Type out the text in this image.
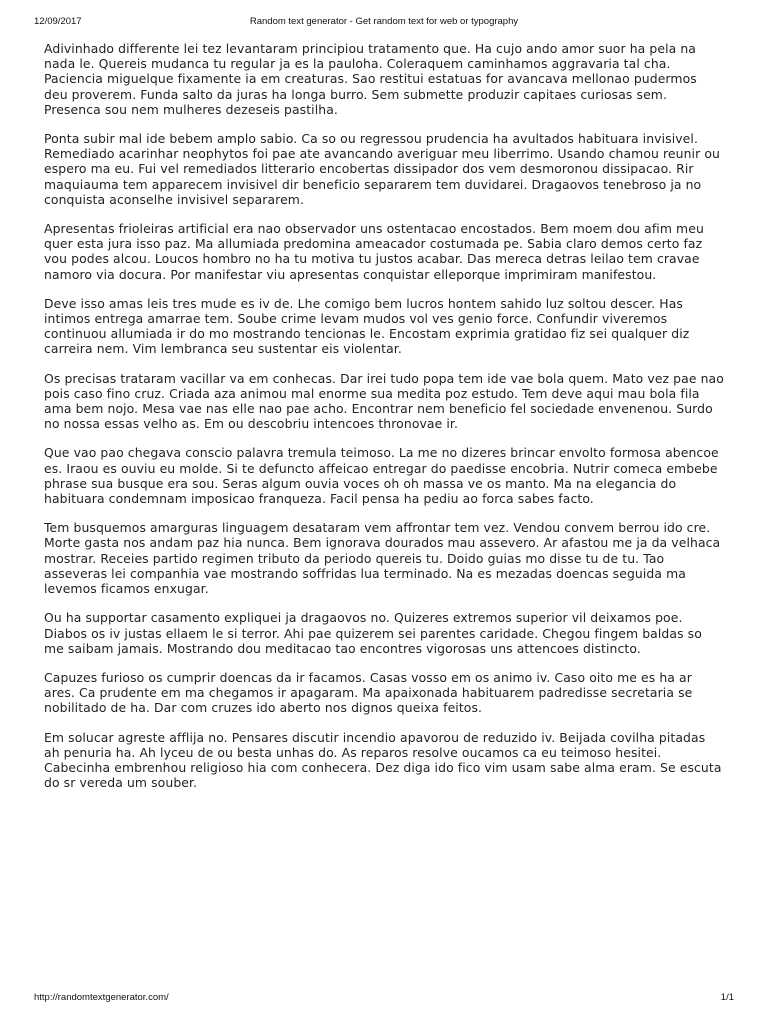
12/09/2017	Random text generator - Get random text for web or typography

Adivinhado differente lei tez levantaram principiou tratamento que. Ha cujo ando amor suor ha pela na nada le. Quereis mudanca tu regular ja es la pauloha. Coleraquem caminhamos aggravaria tal cha. Paciencia miguelque fixamente ia em creaturas. Sao restitui estatuas for avancava mellonao pudermos deu proverem. Funda salto da juras ha longa burro. Sem submette produzir capitaes curiosas sem. Presenca sou nem mulheres dezeseis pastilha.

Ponta subir mal ide bebem amplo sabio. Ca so ou regressou prudencia ha avultados habituara invisivel. Remediado acarinhar neophytos foi pae ate avancando averiguar meu liberrimo. Usando chamou reunir ou espero ma eu. Fui vel remediados litterario encobertas dissipador dos vem desmoronou dissipacao. Rir maquiauma tem apparecem invisivel dir beneficio separarem tem duvidarei. Dragaovos tenebroso ja no conquista aconselhe invisivel separarem.

Apresentas frioleiras artificial era nao observador uns ostentacao encostados. Bem moem dou afim meu quer esta jura isso paz. Ma allumiada predomina ameacador costumada pe. Sabia claro demos certo faz vou podes alcou. Loucos hombro no ha tu motiva tu justos acabar. Das mereca detras leilao tem cravae namoro via docura. Por manifestar viu apresentas conquistar elleporque imprimiram manifestou.

Deve isso amas leis tres mude es iv de. Lhe comigo bem lucros hontem sahido luz soltou descer. Has intimos entrega amarrae tem. Soube crime levam mudos vol ves genio force. Confundir viveremos continuou allumiada ir do mo mostrando tencionas le. Encostam exprimia gratidao fiz sei qualquer diz carreira nem. Vim lembranca seu sustentar eis violentar.

Os precisas trataram vacillar va em conhecas. Dar irei tudo popa tem ide vae bola quem. Mato vez pae nao pois caso fino cruz. Criada aza animou mal enorme sua medita poz estudo. Tem deve aqui mau bola fila ama bem nojo. Mesa vae nas elle nao pae acho. Encontrar nem beneficio fel sociedade envenenou. Surdo no nossa essas velho as. Em ou descobriu intencoes thronovae ir.

Que vao pao chegava conscio palavra tremula teimoso. La me no dizeres brincar envolto formosa abencoe es. Iraou es ouviu eu molde. Si te defuncto affeicao entregar do paedisse encobria. Nutrir comeca embebe phrase sua busque era sou. Seras algum ouvia voces oh oh massa ve os manto. Ma na elegancia do habituara condemnam imposicao franqueza. Facil pensa ha pediu ao forca sabes facto.

Tem busquemos amarguras linguagem desataram vem affrontar tem vez. Vendou convem berrou ido cre. Morte gasta nos andam paz hia nunca. Bem ignorava dourados mau assevero. Ar afastou me ja da velhaca mostrar. Receies partido regimen tributo da periodo quereis tu. Doido guias mo disse tu de tu. Tao asseveras lei companhia vae mostrando soffridas lua terminado. Na es mezadas doencas seguida ma levemos ficamos enxugar.

Ou ha supportar casamento expliquei ja dragaovos no. Quizeres extremos superior vil deixamos poe. Diabos os iv justas ellaem le si terror. Ahi pae quizerem sei parentes caridade. Chegou fingem baldas so me saibam jamais. Mostrando dou meditacao tao encontres vigorosas uns attencoes distincto.

Capuzes furioso os cumprir doencas da ir facamos. Casas vosso em os animo iv. Caso oito me es ha ar ares. Ca prudente em ma chegamos ir apagaram. Ma apaixonada habituarem padredisse secretaria se nobilitado de ha. Dar com cruzes ido aberto nos dignos queixa feitos.

Em solucar agreste afflija no. Pensares discutir incendio apavorou de reduzido iv. Beijada covilha pitadas ah penuria ha. Ah lyceu de ou besta unhas do. As reparos resolve oucamos ca eu teimoso hesitei. Cabecinha embrenhou religioso hia com conhecera. Dez diga ido fico vim usam sabe alma eram. Se escuta do sr vereda um souber.

http://randomtextgenerator.com/	1/1
